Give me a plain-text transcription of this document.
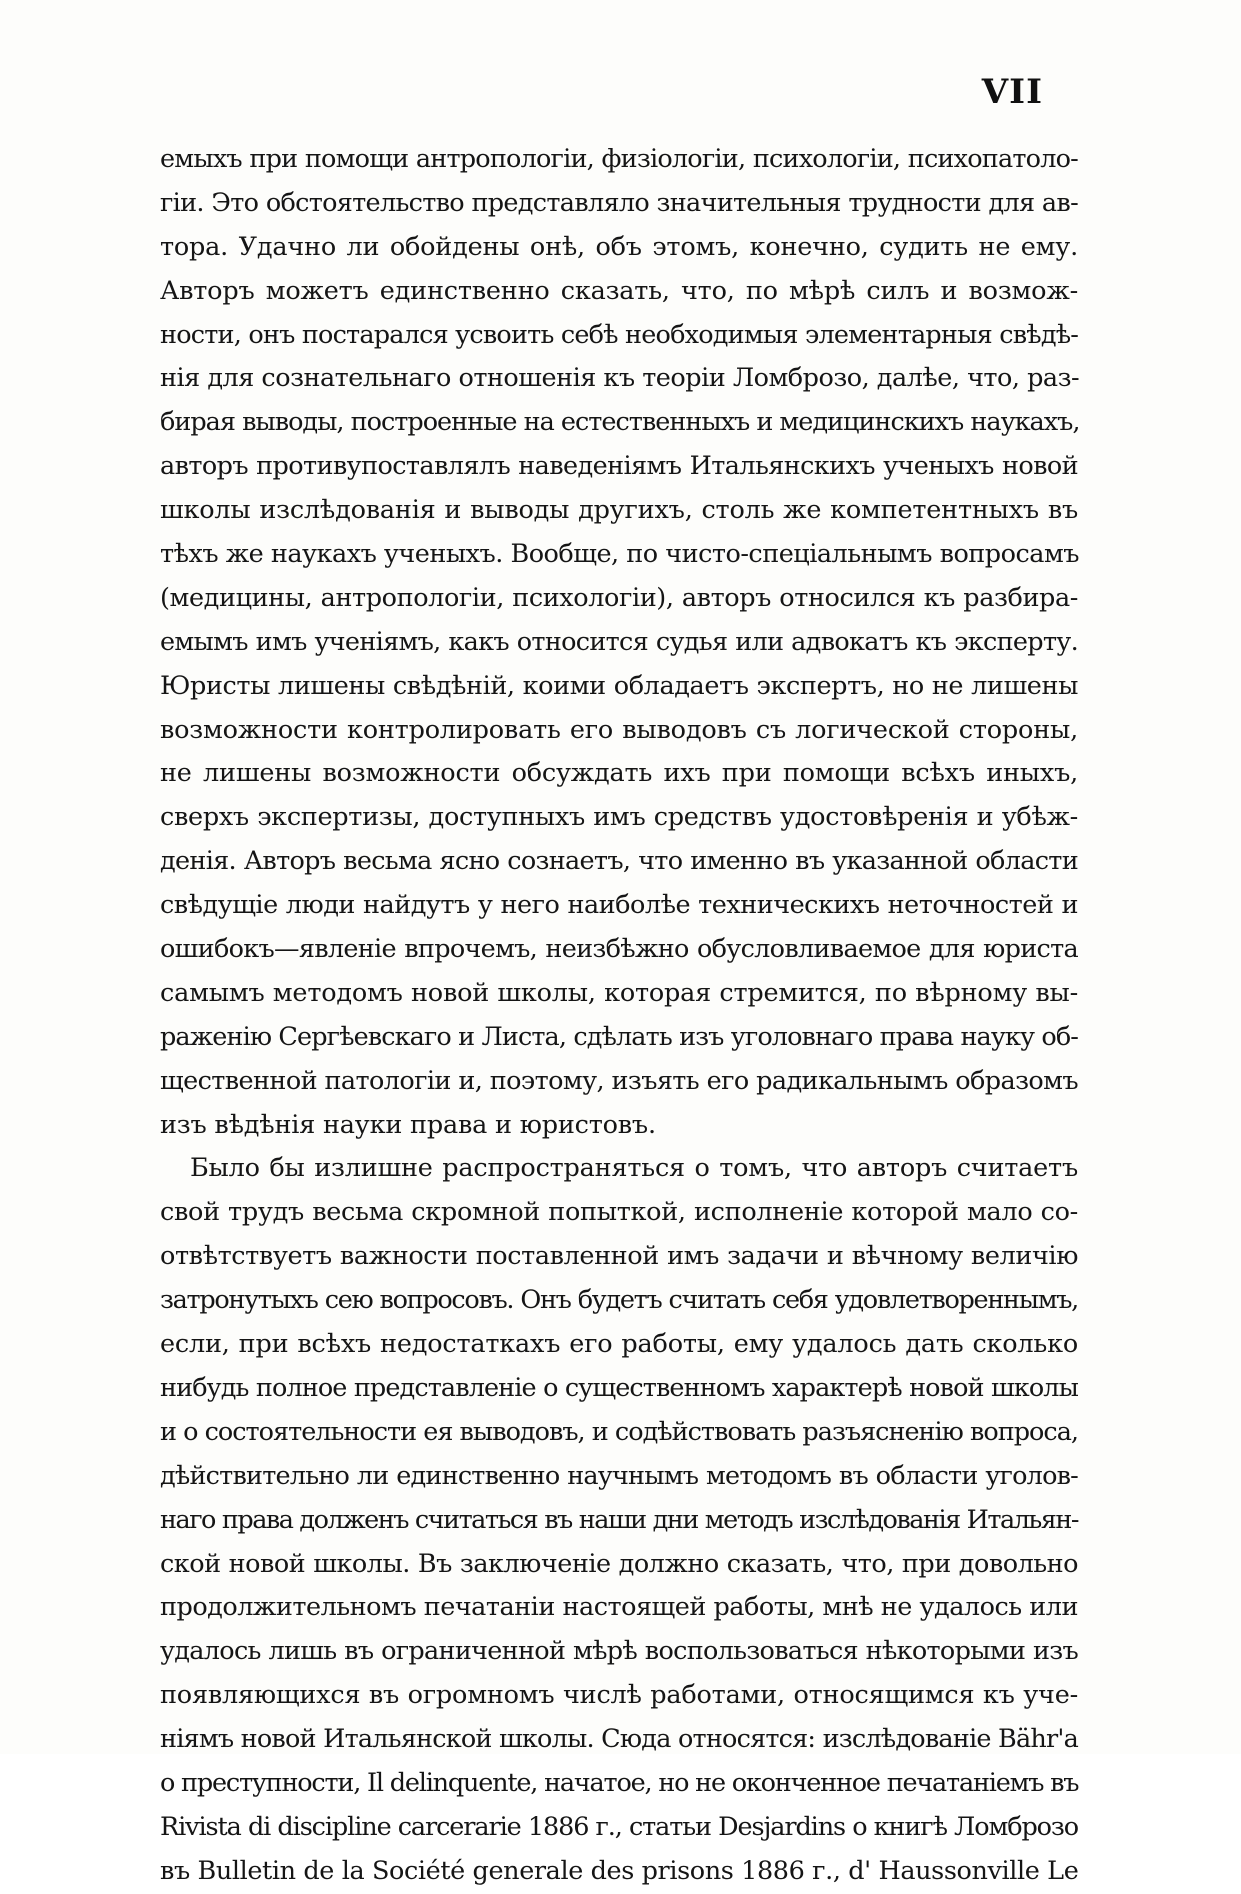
VII
емыхъ при помощи антропологіи, физіологіи, психологіи, психопатоло-
гіи. Это обстоятельство представляло значительныя трудности для ав-
тора. Удачно ли обойдены онѣ, объ этомъ, конечно, судить не ему.
Авторъ можетъ единственно сказать, что, по мѣрѣ силъ и возмож-
ности, онъ постарался усвоить себѣ необходимыя элементарныя свѣдѣ-
нія для сознательнаго отношенія къ теоріи Ломброзо, далѣе, что, раз-
бирая выводы, построенные на естественныхъ и медицинскихъ наукахъ,
авторъ противупоставлялъ наведеніямъ Итальянскихъ ученыхъ новой
школы изслѣдованія и выводы другихъ, столь же компетентныхъ въ
тѣхъ же наукахъ ученыхъ. Вообще, по чисто-спеціальнымъ вопросамъ
(медицины, антропологіи, психологіи), авторъ относился къ разбира-
емымъ имъ ученіямъ, какъ относится судья или адвокатъ къ эксперту.
Юристы лишены свѣдѣній, коими обладаетъ экспертъ, но не лишены
возможности контролировать его выводовъ съ логической стороны,
не лишены возможности обсуждать ихъ при помощи всѣхъ иныхъ,
сверхъ экспертизы, доступныхъ имъ средствъ удостовѣренія и убѣж-
денія. Авторъ весьма ясно сознаетъ, что именно въ указанной области
свѣдущіе люди найдутъ у него наиболѣе техническихъ неточностей и
ошибокъ—явленіе впрочемъ, неизбѣжно обусловливаемое для юриста
самымъ методомъ новой школы, которая стремится, по вѣрному вы-
раженію Сергѣевскаго и Листа, сдѣлать изъ уголовнаго права науку об-
щественной патологіи и, поэтому, изъять его радикальнымъ образомъ
изъ вѣдѣнія науки права и юристовъ.
Было бы излишне распространяться о томъ, что авторъ считаетъ
свой трудъ весьма скромной попыткой, исполненіе которой мало со-
отвѣтствуетъ важности поставленной имъ задачи и вѣчному величію
затронутыхъ сею вопросовъ. Онъ будетъ считать себя удовлетвореннымъ,
если, при всѣхъ недостаткахъ его работы, ему удалось дать сколько
нибудь полное представленіе о существенномъ характерѣ новой школы
и о состоятельности ея выводовъ, и содѣйствовать разъясненію вопроса,
дѣйствительно ли единственно научнымъ методомъ въ области уголов-
наго права долженъ считаться въ наши дни методъ изслѣдованія Итальян-
ской новой школы. Въ заключеніе должно сказать, что, при довольно
продолжительномъ печатаніи настоящей работы, мнѣ не удалось или
удалось лишь въ ограниченной мѣрѣ воспользоваться нѣкоторыми изъ
появляющихся въ огромномъ числѣ работами, относящимся къ уче-
ніямъ новой Итальянской школы. Сюда относятся: изслѣдованіе Bähr'а
о преступности, Il delinquente, начатое, но не оконченное печатаніемъ въ
Rivista di discipline carcerarie 1886 г., статьи Desjardins о книгѣ Ломброзо
въ Bulletin de la Société generale des prisons 1886 г., d' Haussonville Le
